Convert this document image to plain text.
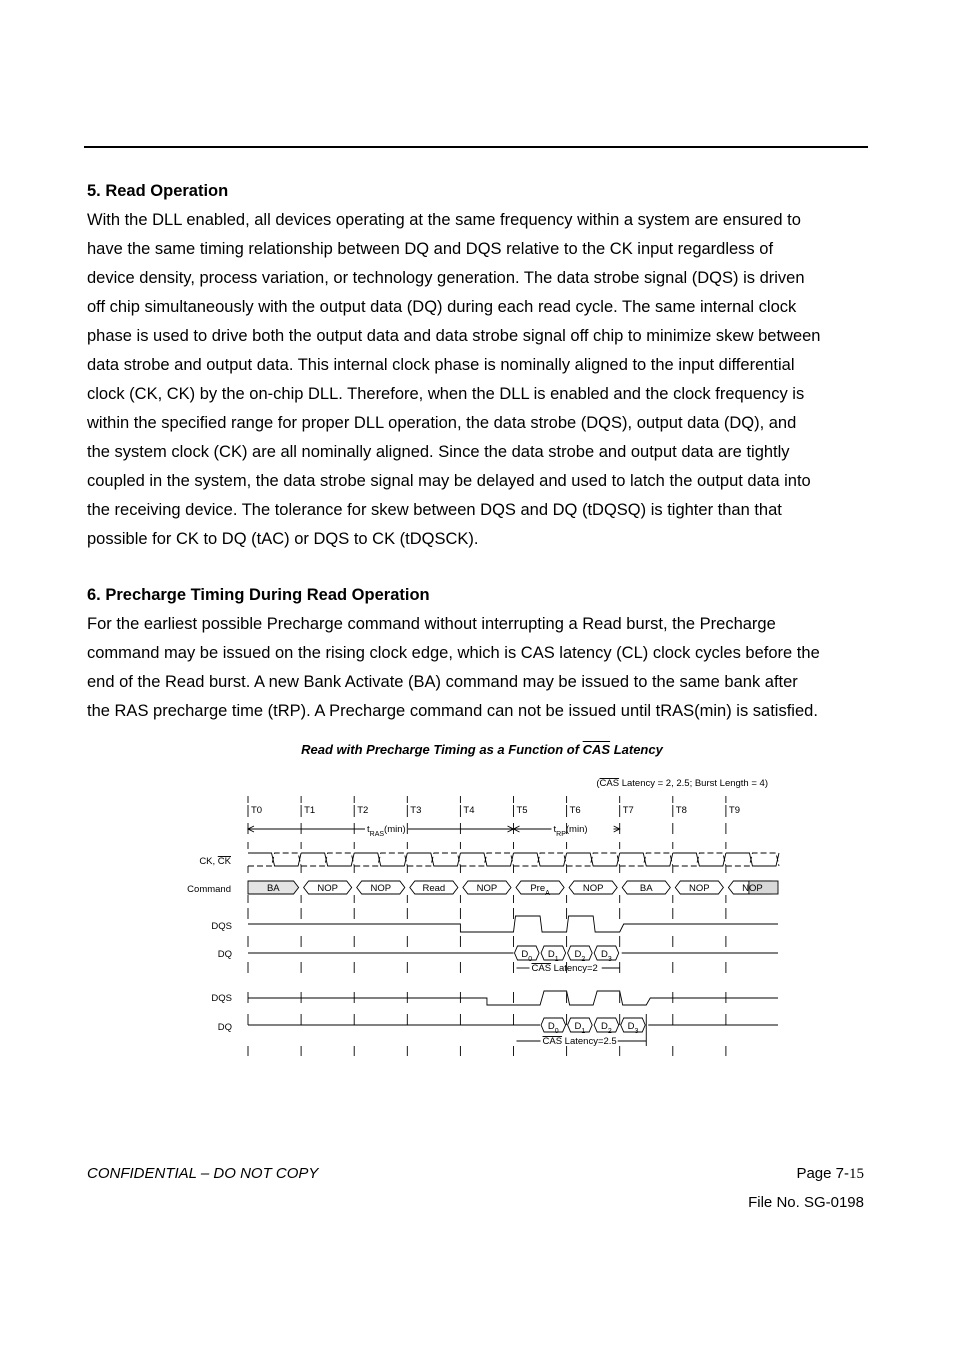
5. Read Operation

With the DLL enabled, all devices operating at the same frequency within a system are ensured to
have the same timing relationship between DQ and DQS relative to the CK input regardless of
device density, process variation, or technology generation. The data strobe signal (DQS) is driven
off chip simultaneously with the output data (DQ) during each read cycle. The same internal clock
phase is used to drive both the output data and data strobe signal off chip to minimize skew between
data strobe and output data. This internal clock phase is nominally aligned to the input differential
clock (CK, CK) by the on-chip DLL. Therefore, when the DLL is enabled and the clock frequency is
within the specified range for proper DLL operation, the data strobe (DQS), output data (DQ), and
the system clock (CK) are all nominally aligned. Since the data strobe and output data are tightly
coupled in the system, the data strobe signal may be delayed and used to latch the output data into
the receiving device. The tolerance for skew between DQS and DQ (tDQSQ) is tighter than that
possible for CK to DQ (tAC) or DQS to CK (tDQSCK).

6. Precharge Timing During Read Operation

For the earliest possible Precharge command without interrupting a Read burst, the Precharge
command may be issued on the rising clock edge, which is CAS latency (CL) clock cycles before the
end of the Read burst. A new Bank Activate (BA) command may be issued to the same bank after
the RAS precharge time (tRP). A Precharge command can not be issued until tRAS(min) is satisfied.

Read with Precharge Timing as a Function of $\overline{CAS}$ Latency
(CAS Latency = 2, 2.5; Burst Length = 4)
T0	T1	T2	T3	T4	T5	T6	T7	T8	T9
$t_{RAS}(\min)$	$t_{RP}(\min)$
CK, CK
Command
DQS
DQ
DQS
DQ
BA	NOP	NOP	Read	NOP	Pre$_A$	NOP	BA	NOP	NOP
$D_0$ $D_1$ $D_2$ $D_3$
CAS Latency=2
$D_0$ $D_1$ $D_2$ $D_3$
CAS Latency=2.5
CONFIDENTIAL – DO NOT COPY	Page 7-15
File No. SG-0198
